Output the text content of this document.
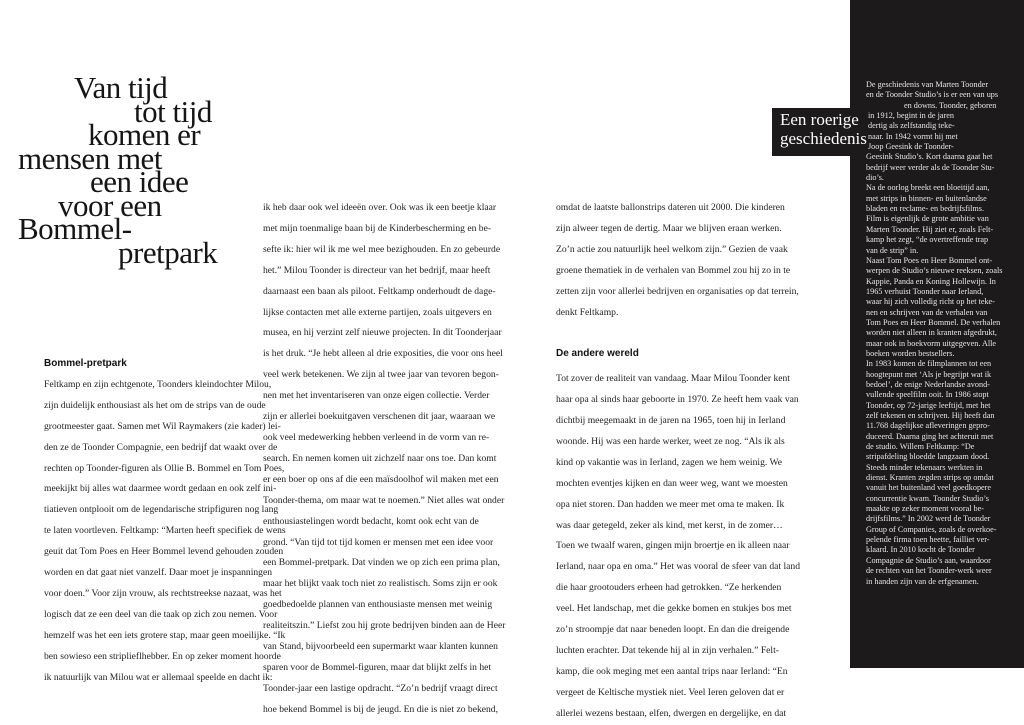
Van tijd
tot tijd
komen er
mensen met
een idee
voor een
Bommel-
pretpark
Bommel-pretpark
Feltkamp en zijn echtgenote, Toonders kleindochter Milou,
zijn duidelijk enthousiast als het om de strips van de oude
grootmeester gaat. Samen met Wil Raymakers (zie kader) lei-
den ze de Toonder Compagnie, een bedrijf dat waakt over de
rechten op Toonder-figuren als Ollie B. Bommel en Tom Poes,
meekijkt bij alles wat daarmee wordt gedaan en ook zelf ini-
tiatieven ontplooit om de legendarische stripfiguren nog lang
te laten voortleven. Feltkamp: “Marten heeft specifiek de wens
geuit dat Tom Poes en Heer Bommel levend gehouden zouden
worden en dat gaat niet vanzelf. Daar moet je inspanningen
voor doen.” Voor zijn vrouw, als rechtstreekse nazaat, was het
logisch dat ze een deel van die taak op zich zou nemen. Voor
hemzelf was het een iets grotere stap, maar geen moeilijke. “Ik
ben sowieso een striplieflhebber. En op zeker moment hoorde
ik natuurlijk van Milou wat er allemaal speelde en dacht ik:
ik heb daar ook wel ideeën over. Ook was ik een beetje klaar
met mijn toenmalige baan bij de Kinderbescherming en be-
sefte ik: hier wil ik me wel mee bezighouden. En zo gebeurde
het.” Milou Toonder is directeur van het bedrijf, maar heeft
daarnaast een baan als piloot. Feltkamp onderhoudt de dage-
lijkse contacten met alle externe partijen, zoals uitgevers en
musea, en hij verzint zelf nieuwe projecten. In dit Toonderjaar
is het druk. “Je hebt alleen al drie exposities, die voor ons heel
veel werk betekenen. We zijn al twee jaar van tevoren begon-
nen met het inventariseren van onze eigen collectie. Verder
zijn er allerlei boekuitgaven verschenen dit jaar, waaraan we
ook veel medewerking hebben verleend in de vorm van re-
search. En nemen komen uit zichzelf naar ons toe. Dan komt
er een boer op ons af die een maïsdoolhof wil maken met een
Toonder-thema, om maar wat te noemen.” Niet alles wat onder
enthousiastelingen wordt bedacht, komt ook echt van de
grond. “Van tijd tot tijd komen er mensen met een idee voor
een Bommel-pretpark. Dat vinden we op zich een prima plan,
maar het blijkt vaak toch niet zo realistisch. Soms zijn er ook
goedbedoelde plannen van enthousiaste mensen met weinig
realiteitszin.” Liefst zou hij grote bedrijven binden aan de Heer
van Stand, bijvoorbeeld een supermarkt waar klanten kunnen
sparen voor de Bommel-figuren, maar dat blijkt zelfs in het
Toonder-jaar een lastige opdracht. “Zo’n bedrijf vraagt direct
hoe bekend Bommel is bij de jeugd. En die is niet zo bekend,
omdat de laatste ballonstrips dateren uit 2000. Die kinderen
zijn alweer tegen de dertig. Maar we blijven eraan werken.
Zo’n actie zou natuurlijk heel welkom zijn.” Gezien de vaak
groene thematiek in de verhalen van Bommel zou hij zo in te
zetten zijn voor allerlei bedrijven en organisaties op dat terrein,
denkt Feltkamp.
De andere wereld
Tot zover de realiteit van vandaag. Maar Milou Toonder kent
haar opa al sinds haar geboorte in 1970. Ze heeft hem vaak van
dichtbij meegemaakt in de jaren na 1965, toen hij in Ierland
woonde. Hij was een harde werker, weet ze nog. “Als ik als
kind op vakantie was in Ierland, zagen we hem weinig. We
mochten eventjes kijken en dan weer weg, want we moesten
opa niet storen. Dan hadden we meer met oma te maken. Ik
was daar getegeld, zeker als kind, met kerst, in de zomer…
Toen we twaalf waren, gingen mijn broertje en ik alleen naar
Ierland, naar opa en oma.” Het was vooral de sfeer van dat land
die haar grootouders erheen had getrokken. “Ze herkenden
veel. Het landschap, met die gekke bomen en stukjes bos met
zo’n stroompje dat naar beneden loopt. En dan die dreigende
luchten erachter. Dat tekende hij al in zijn verhalen.” Felt-
kamp, die ook meging met een aantal trips naar Ierland: “En
vergeet de Keltische mystiek niet. Veel Ieren geloven dat er
allerlei wezens bestaan, elfen, dwergen en dergelijke, en dat
Een roerige
geschiedenis
De geschiedenis van Marten Toonder
en de Toonder Studio’s is er een van ups
en downs. Toonder, geboren
in 1912, begint in de jaren
dertig als zelfstandig teke-
naar. In 1942 vormt hij met
Joop Geesink de Toonder-
Geesink Studio’s. Kort daarna gaat het
bedrijf weer verder als de Toonder Stu-
dio’s.
Na de oorlog breekt een bloeitijd aan,
met strips in binnen- en buitenlandse
bladen en reclame- en bedrijfsfilms.
Film is eigenlijk de grote ambitie van
Marten Toonder. Hij ziet er, zoals Felt-
kamp het zegt, “de overtreffende trap
van de strip” in.
Naast Tom Poes en Heer Bommel ont-
werpen de Studio’s nieuwe reeksen, zoals
Kappie, Panda en Koning Hollewijn. In
1965 verhuist Toonder naar Ierland,
waar hij zich volledig richt op het teke-
nen en schrijven van de verhalen van
Tom Poes en Heer Bommel. De verhalen
worden niet alleen in kranten afgedrukt,
maar ook in boekvorm uitgegeven. Alle
boeken worden bestsellers.
In 1983 komen de filmplannen tot een
hoogtepunt met ‘Als je begrijpt wat ik
bedoel’, de enige Nederlandse avond-
vullende speelfilm ooit. In 1986 stopt
Toonder, op 72-jarige leeftijd, met het
zelf tekenen en schrijven. Hij heeft dan
11.768 dagelijkse afleveringen gepro-
duceerd. Daarna ging het achteruit met
de studio. Willem Feltkamp: “De
stripafdeling bloedde langzaam dood.
Steeds minder tekenaars werkten in
dienst. Kranten zegden strips op omdat
vanuit het buitenland veel goedkopere
concurrentie kwam. Toonder Studio’s
maakte op zeker moment vooral be-
drijfsfilms.” In 2002 werd de Toonder
Group of Companies, zoals de overkoe-
pelende firma toen heette, failliet ver-
klaard. In 2010 kocht de Toonder
Compagnie de Studio’s aan, waardoor
de rechten van het Toonder-werk weer
in handen zijn van de erfgenamen.
